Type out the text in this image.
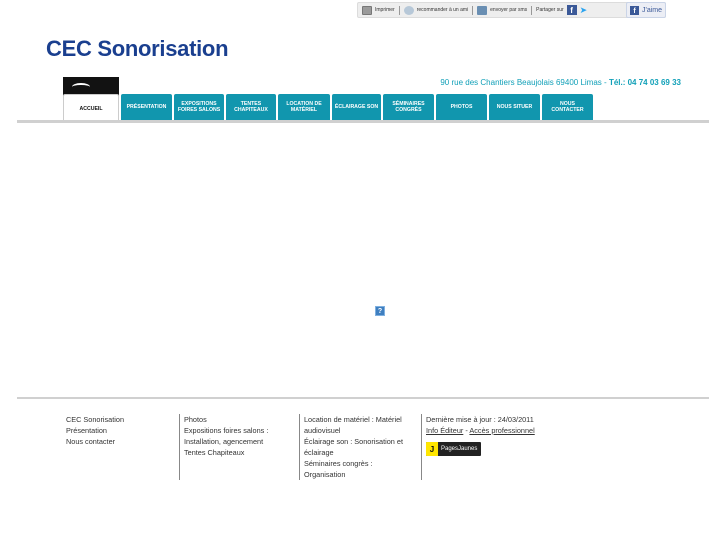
Imprimer	recommander à un ami	envoyer par sms Partager sur f ➤	f J'aime
CEC Sonorisation
90 rue des Chantiers Beaujolais 69400 Limas - Tél.: 04 74 03 69 33
ACCUEIL	PRÉSENTATION
EXPOSITIONS FOIRES SALONS
TENTES CHAPITEAUX
LOCATION DE MATÉRIEL
ÉCLAIRAGE SON
SÉMINAIRES CONGRÈS
PHOTOS	NOUS SITUER
NOUS CONTACTER
?
CEC Sonorisation
Présentation
Nous contacter
Photos
Expositions foires salons :
Installation, agencement
Tentes Chapiteaux
Location de matériel : Matériel
audiovisuel
Éclairage son : Sonorisation et
éclairage
Séminaires congrès :
Organisation
Dernière mise à jour : 24/03/2011
Info Éditeur - Accès professionnel
J	PagesJaunes
